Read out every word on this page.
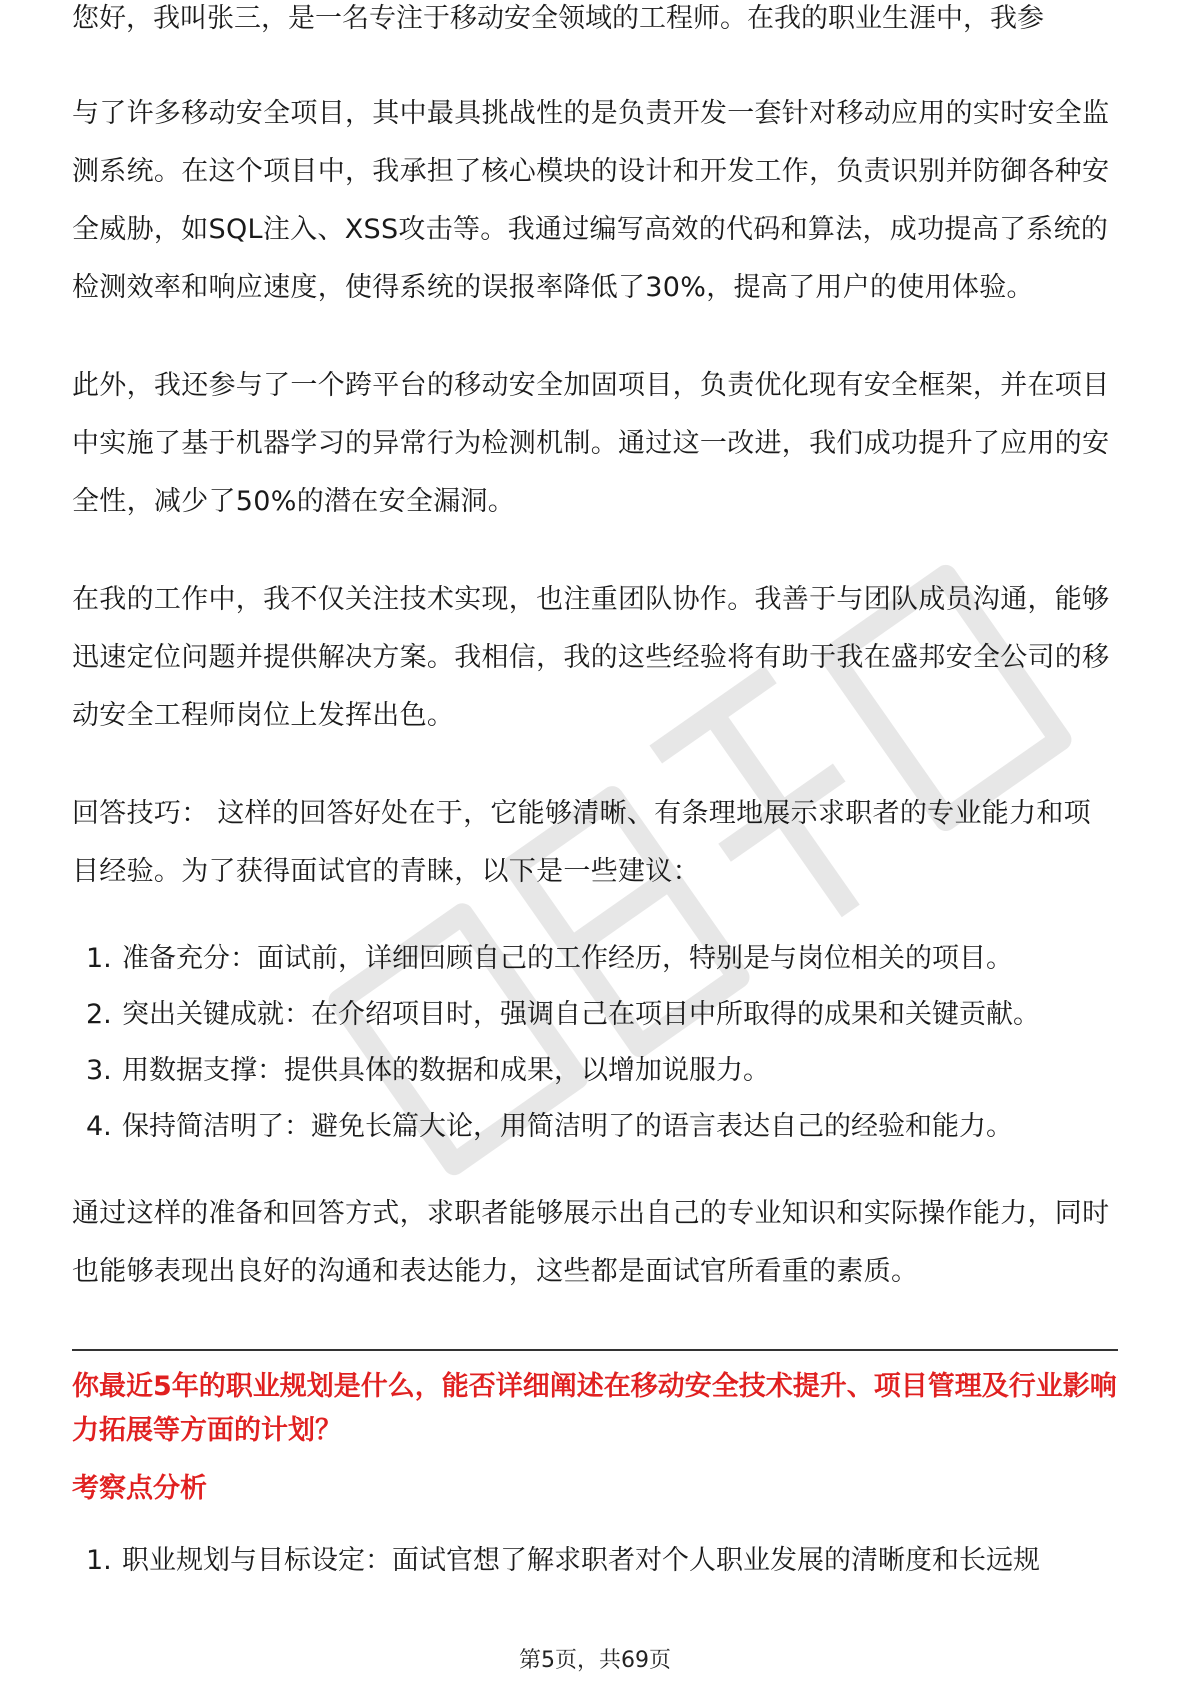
您好，我叫张三，是一名专注于移动安全领域的工程师。在我的职业生涯中，我参

与了许多移动安全项目，其中最具挑战性的是负责开发一套针对移动应用的实时安全监测系统。在这个项目中，我承担了核心模块的设计和开发工作，负责识别并防御各种安全威胁，如SQL注入、XSS攻击等。我通过编写高效的代码和算法，成功提高了系统的检测效率和响应速度，使得系统的误报率降低了30%，提高了用户的使用体验。

此外，我还参与了一个跨平台的移动安全加固项目，负责优化现有安全框架，并在项目中实施了基于机器学习的异常行为检测机制。通过这一改进，我们成功提升了应用的安全性，减少了50%的潜在安全漏洞。

在我的工作中，我不仅关注技术实现，也注重团队协作。我善于与团队成员沟通，能够迅速定位问题并提供解决方案。我相信，我的这些经验将有助于我在盛邦安全公司的移动安全工程师岗位上发挥出色。

回答技巧： 这样的回答好处在于，它能够清晰、有条理地展示求职者的专业能力和项目经验。为了获得面试官的青睐，以下是一些建议：

1. 准备充分：面试前，详细回顾自己的工作经历，特别是与岗位相关的项目。
2. 突出关键成就：在介绍项目时，强调自己在项目中所取得的成果和关键贡献。
3. 用数据支撑：提供具体的数据和成果，以增加说服力。
4. 保持简洁明了：避免长篇大论，用简洁明了的语言表达自己的经验和能力。

通过这样的准备和回答方式，求职者能够展示出自己的专业知识和实际操作能力，同时也能够表现出良好的沟通和表达能力，这些都是面试官所看重的素质。

你最近5年的职业规划是什么，能否详细阐述在移动安全技术提升、项目管理及行业影响力拓展等方面的计划？

考察点分析

1. 职业规划与目标设定：面试官想了解求职者对个人职业发展的清晰度和长远规
第5页，共69页
